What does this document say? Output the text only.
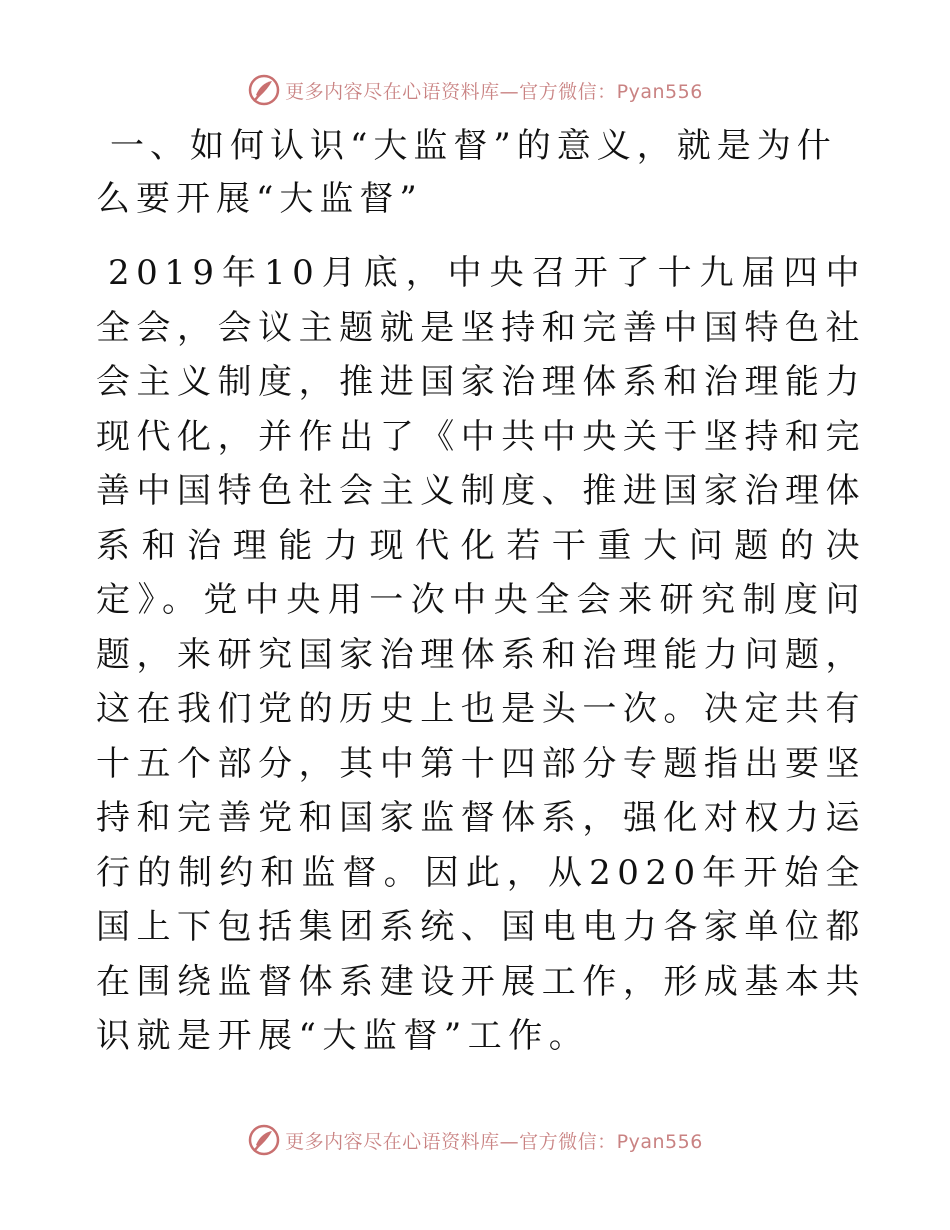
更多内容尽在心语资料库—官方微信：Pyan556
一、如何认识“大监督”的意义，就是为什么要开展“大监督”

2019年10月底，中央召开了十九届四中全会，会议主题就是坚持和完善中国特色社会主义制度，推进国家治理体系和治理能力现代化，并作出了《中共中央关于坚持和完善中国特色社会主义制度、推进国家治理体系和治理能力现代化若干重大问题的决定》。党中央用一次中央全会来研究制度问题，来研究国家治理体系和治理能力问题，这在我们党的历史上也是头一次。决定共有十五个部分，其中第十四部分专题指出要坚持和完善党和国家监督体系，强化对权力运行的制约和监督。因此，从2020年开始全国上下包括集团系统、国电电力各家单位都在围绕监督体系建设开展工作，形成基本共识就是开展“大监督”工作。

更多内容尽在心语资料库—官方微信：Pyan556
